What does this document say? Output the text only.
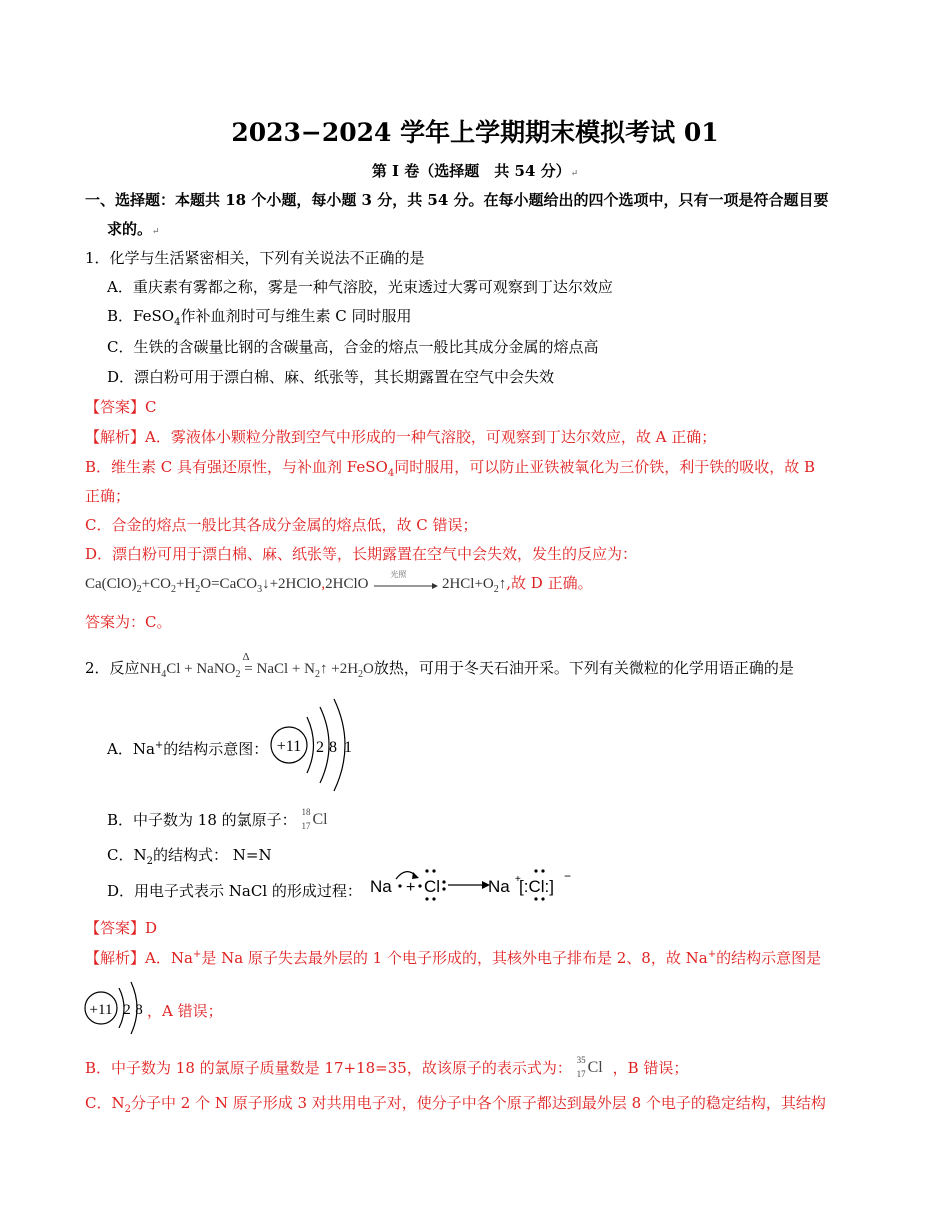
2023−2024 学年上学期期末模拟考试 01
第 I 卷（选择题　共 54 分）↵
一、选择题：本题共 18 个小题，每小题 3 分，共 54 分。在每小题给出的四个选项中，只有一项是符合题目要
求的。↵
1．化学与生活紧密相关，下列有关说法不正确的是
A．重庆素有雾都之称，雾是一种气溶胶，光束透过大雾可观察到丁达尔效应
B．FeSO$_4$作补血剂时可与维生素 C 同时服用
C．生铁的含碳量比钢的含碳量高，合金的熔点一般比其成分金属的熔点高
D．漂白粉可用于漂白棉、麻、纸张等，其长期露置在空气中会失效
【答案】C
【解析】A．雾液体小颗粒分散到空气中形成的一种气溶胶，可观察到丁达尔效应，故 A 正确；
B．维生素 C 具有强还原性，与补血剂 FeSO$_4$同时服用，可以防止亚铁被氧化为三价铁，利于铁的吸收，故 B
正确；
C．合金的熔点一般比其各成分金属的熔点低，故 C 错误；
D．漂白粉可用于漂白棉、麻、纸张等，长期露置在空气中会失效，发生的反应为：
$Ca(ClO)_2+CO_2+H_2O=CaCO_3↓+2HClO,2HClO$
光照
$2HCl+O_2↑$,故 D 正确。
答案为：C。
2．反应$NH_4Cl$ + NaNO$_2$
Δ
= NaCl + $N_2↑ +2H_2O$放热，可用于冬天石油开采。下列有关微粒的化学用语正确的是
A．Na+的结构示意图： +11 2 8 1
B．中子数为 18 的氯原子： 18
17 Cl
C．$N_2$的结构式： N=N
D．用电子式表示 NaCl 的形成过程： Na + Cl	Na +
[:Cl:]
−
【答案】D
【解析】A．Na+是 Na 原子失去最外层的 1 个电子形成的，其核外电子排布是 2、8，故 Na+的结构示意图是
+11 2 8 ，A 错误；
B．中子数为 18 的氯原子质量数是 17+18=35，故该原子的表示式为： 35
17 Cl ，B 错误；
C．$N_2$分子中 2 个 N 原子形成 3 对共用电子对，使分子中各个原子都达到最外层 8 个电子的稳定结构，其结构
